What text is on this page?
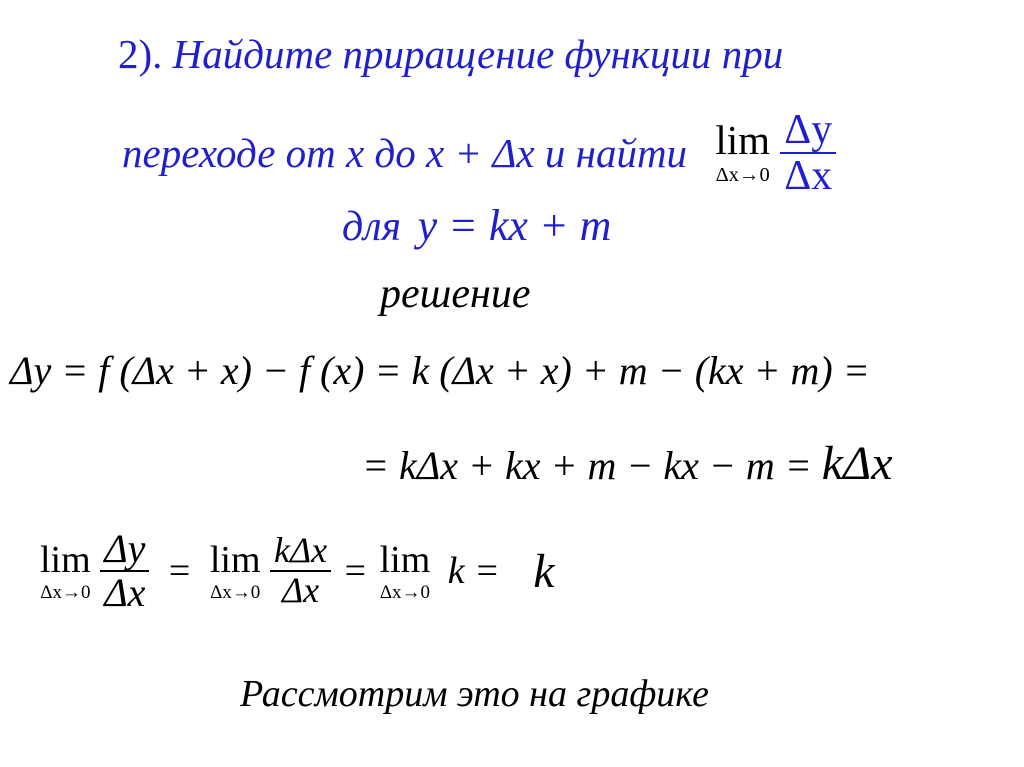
2). Найдите приращение функции при
переходе от x до x + Δx и найти lim
Δx→0
$\frac{\Delta y}{\Delta x}$
для y = kx + m
решение
Δy = f (Δx + x) − f (x) = k (Δx + x) + m − (kx + m) =
= kΔx + kx + m − kx − m = kΔx
lim
Δx→0
$\frac{\Delta y}{\Delta x} = \lim$
Δx→0
$\frac{\text{kΔx}}{\Delta x} = \lim$
Δx→0 k = k
Рассмотрим это на графике
